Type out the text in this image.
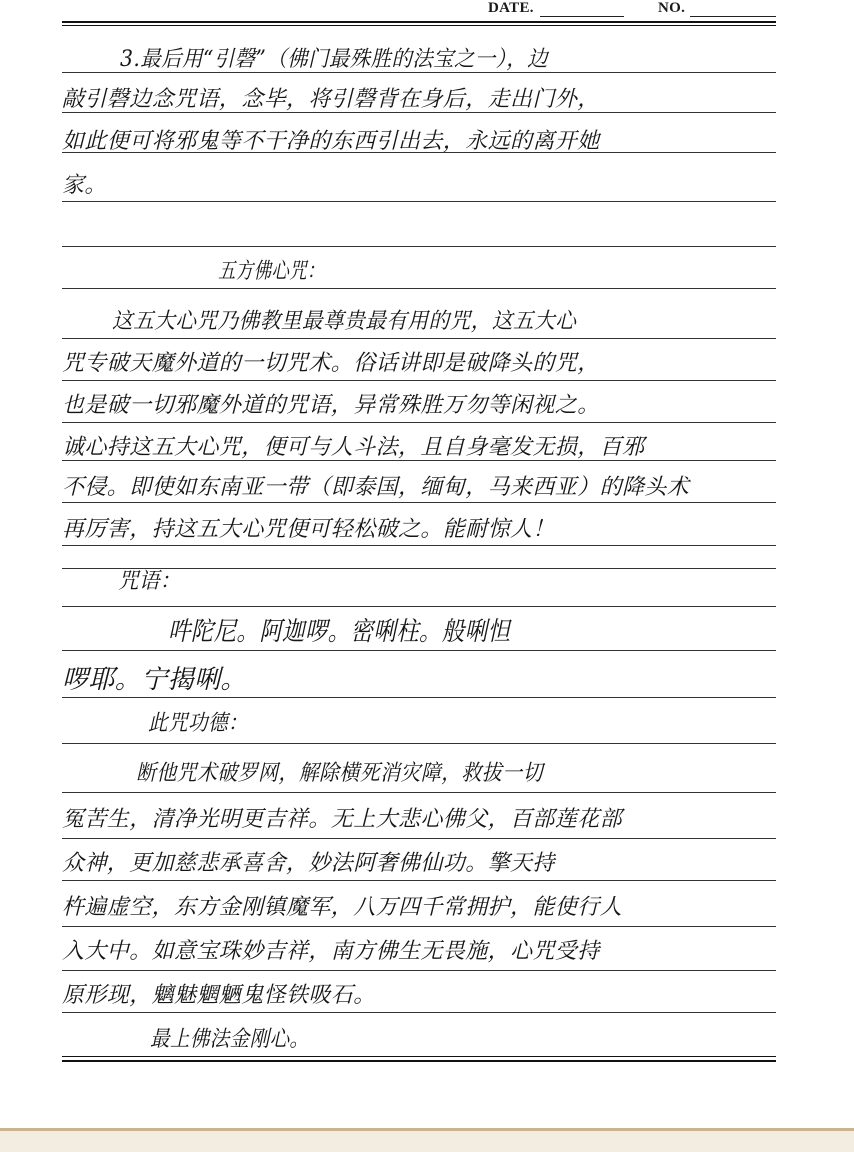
DATE.	NO.
3.最后用“引磬”（佛门最殊胜的法宝之一），边
敲引磬边念咒语，念毕，将引磬背在身后，走出门外，
如此便可将邪鬼等不干净的东西引出去，永远的离开她
家。
五方佛心咒：
这五大心咒乃佛教里最尊贵最有用的咒，这五大心
咒专破天魔外道的一切咒术。俗话讲即是破降头的咒，
也是破一切邪魔外道的咒语，异常殊胜万勿等闲视之。
诚心持这五大心咒，便可与人斗法，且自身毫发无损，百邪
不侵。即使如东南亚一带（即泰国，缅甸，马来西亚）的降头术
再厉害，持这五大心咒便可轻松破之。能耐惊人！
咒语：
吽陀尼。阿迦啰。密唎柱。般唎怛
啰耶。宁揭唎。
此咒功德：
断他咒术破罗网，解除横死消灾障，救拔一切
冤苦生，清净光明更吉祥。无上大悲心佛父，百部莲花部
众神，更加慈悲承喜舍，妙法阿奢佛仙功。擎天持
杵遍虚空，东方金刚镇魔军，八万四千常拥护，能使行人
入大中。如意宝珠妙吉祥，南方佛生无畏施，心咒受持
原形现，魑魅魍魉鬼怪铁吸石。
最上佛法金刚心。
